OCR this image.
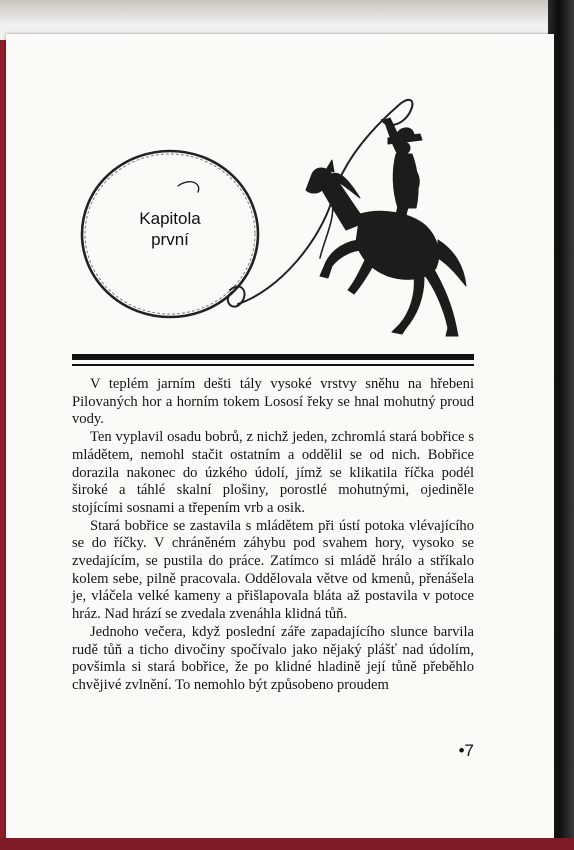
Kapitola
první

V teplém jarním dešti tály vysoké vrstvy sněhu na hřebeni Pilovaných hor a horním tokem Lososí řeky se hnal mohutný proud vody.

Ten vyplavil osadu bobrů, z nichž jeden, zchromlá stará bobřice s mládětem, nemohl stačit ostatním a oddělil se od nich. Bobřice dorazila nakonec do úzkého údolí, jímž se klikatila říčka podél široké a táhlé skalní plošiny, porostlé mohutnými, ojediněle stojícími sosnami a třepením vrb a osik.

Stará bobřice se zastavila s mládětem při ústí potoka vlévajícího se do říčky. V chráněném záhybu pod svahem hory, vysoko se zvedajícím, se pustila do práce. Zatímco si mládě hrálo a stříkalo kolem sebe, pilně pracovala. Oddělovala větve od kmenů, přenášela je, vláčela velké kameny a přišlapovala bláta až postavila v potoce hráz. Nad hrází se zvedala zvenáhla klidná tůň.

Jednoho večera, když poslední záře zapadajícího slunce barvila rudě tůň a ticho divočiny spočívalo jako nějaký plášť nad údolím, povšimla si stará bobřice, že po klidné hladině její tůně přeběhlo chvějivé zvlnění. To nemohlo být způsobeno proudem

•7
